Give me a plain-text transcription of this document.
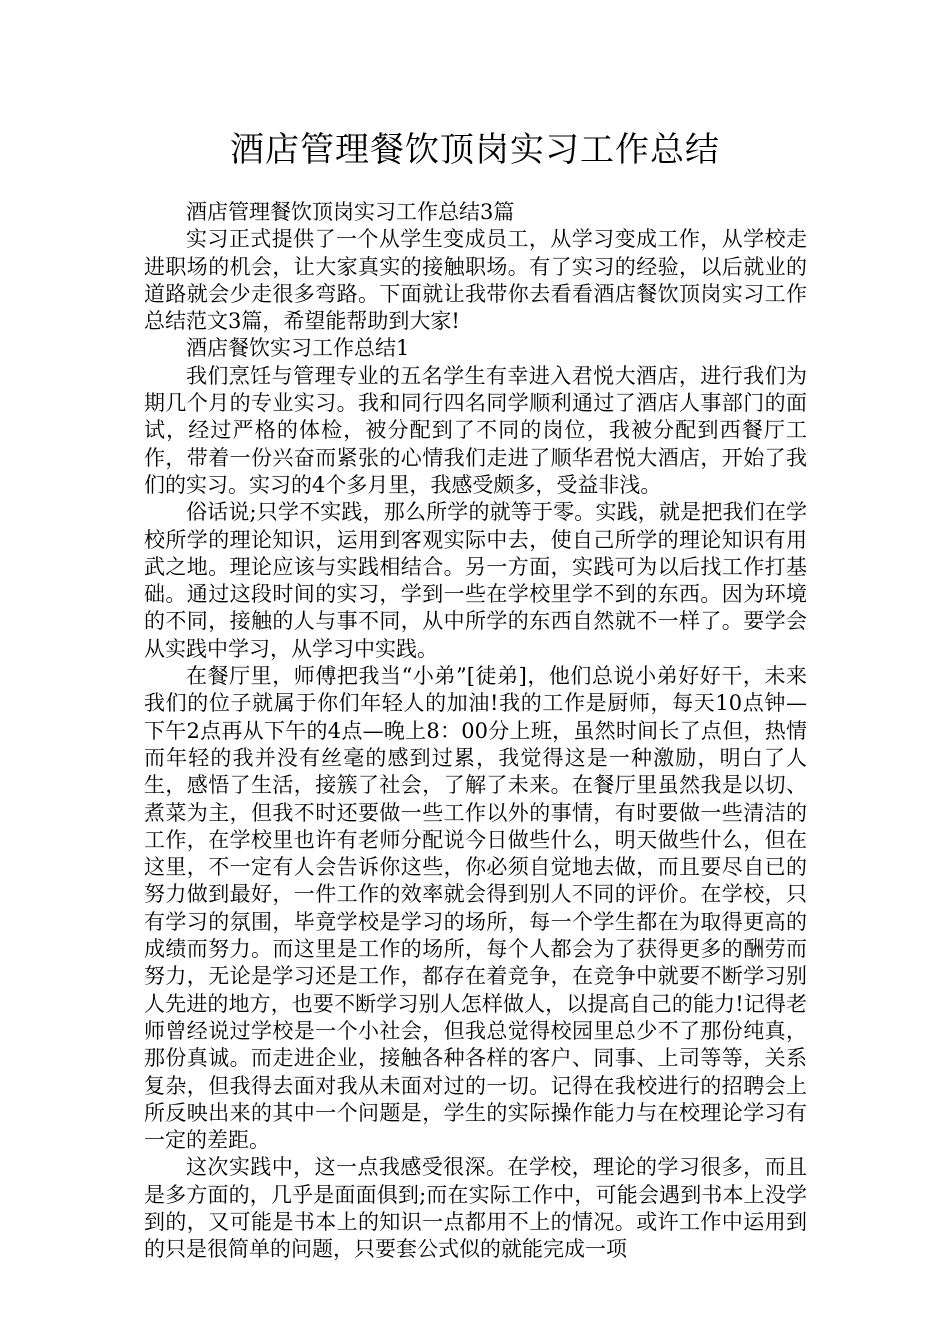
酒店管理餐饮顶岗实习工作总结

酒店管理餐饮顶岗实习工作总结3篇

实习正式提供了一个从学生变成员工，从学习变成工作，从学校走进职场的机会，让大家真实的接触职场。有了实习的经验，以后就业的道路就会少走很多弯路。下面就让我带你去看看酒店餐饮顶岗实习工作总结范文3篇，希望能帮助到大家!

酒店餐饮实习工作总结1

我们烹饪与管理专业的五名学生有幸进入君悦大酒店，进行我们为期几个月的专业实习。我和同行四名同学顺利通过了酒店人事部门的面试，经过严格的体检，被分配到了不同的岗位，我被分配到西餐厅工作，带着一份兴奋而紧张的心情我们走进了顺华君悦大酒店，开始了我们的实习。实习的4个多月里，我感受颇多，受益非浅。

俗话说;只学不实践，那么所学的就等于零。实践，就是把我们在学校所学的理论知识，运用到客观实际中去，使自己所学的理论知识有用武之地。理论应该与实践相结合。另一方面，实践可为以后找工作打基础。通过这段时间的实习，学到一些在学校里学不到的东西。因为环境的不同，接触的人与事不同，从中所学的东西自然就不一样了。要学会从实践中学习，从学习中实践。

在餐厅里，师傅把我当“小弟”[徒弟]，他们总说小弟好好干，未来我们的位子就属于你们年轻人的加油!我的工作是厨师，每天10点钟—下午2点再从下午的4点—晚上8：00分上班，虽然时间长了点但，热情而年轻的我并没有丝毫的感到过累，我觉得这是一种激励，明白了人生，感悟了生活，接簇了社会，了解了未来。在餐厅里虽然我是以切、煮菜为主，但我不时还要做一些工作以外的事情，有时要做一些清洁的工作，在学校里也许有老师分配说今日做些什么，明天做些什么，但在这里，不一定有人会告诉你这些，你必须自觉地去做，而且要尽自已的努力做到最好，一件工作的效率就会得到别人不同的评价。在学校，只有学习的氛围，毕竟学校是学习的场所，每一个学生都在为取得更高的成绩而努力。而这里是工作的场所，每个人都会为了获得更多的酬劳而努力，无论是学习还是工作，都存在着竞争，在竞争中就要不断学习别人先进的地方，也要不断学习别人怎样做人，以提高自己的能力!记得老师曾经说过学校是一个小社会，但我总觉得校园里总少不了那份纯真，那份真诚。而走进企业，接触各种各样的客户、同事、上司等等，关系复杂，但我得去面对我从未面对过的一切。记得在我校进行的招聘会上所反映出来的其中一个问题是，学生的实际操作能力与在校理论学习有一定的差距。

这次实践中，这一点我感受很深。在学校，理论的学习很多，而且是多方面的，几乎是面面俱到;而在实际工作中，可能会遇到书本上没学到的，又可能是书本上的知识一点都用不上的情况。或许工作中运用到的只是很简单的问题，只要套公式似的就能完成一项
